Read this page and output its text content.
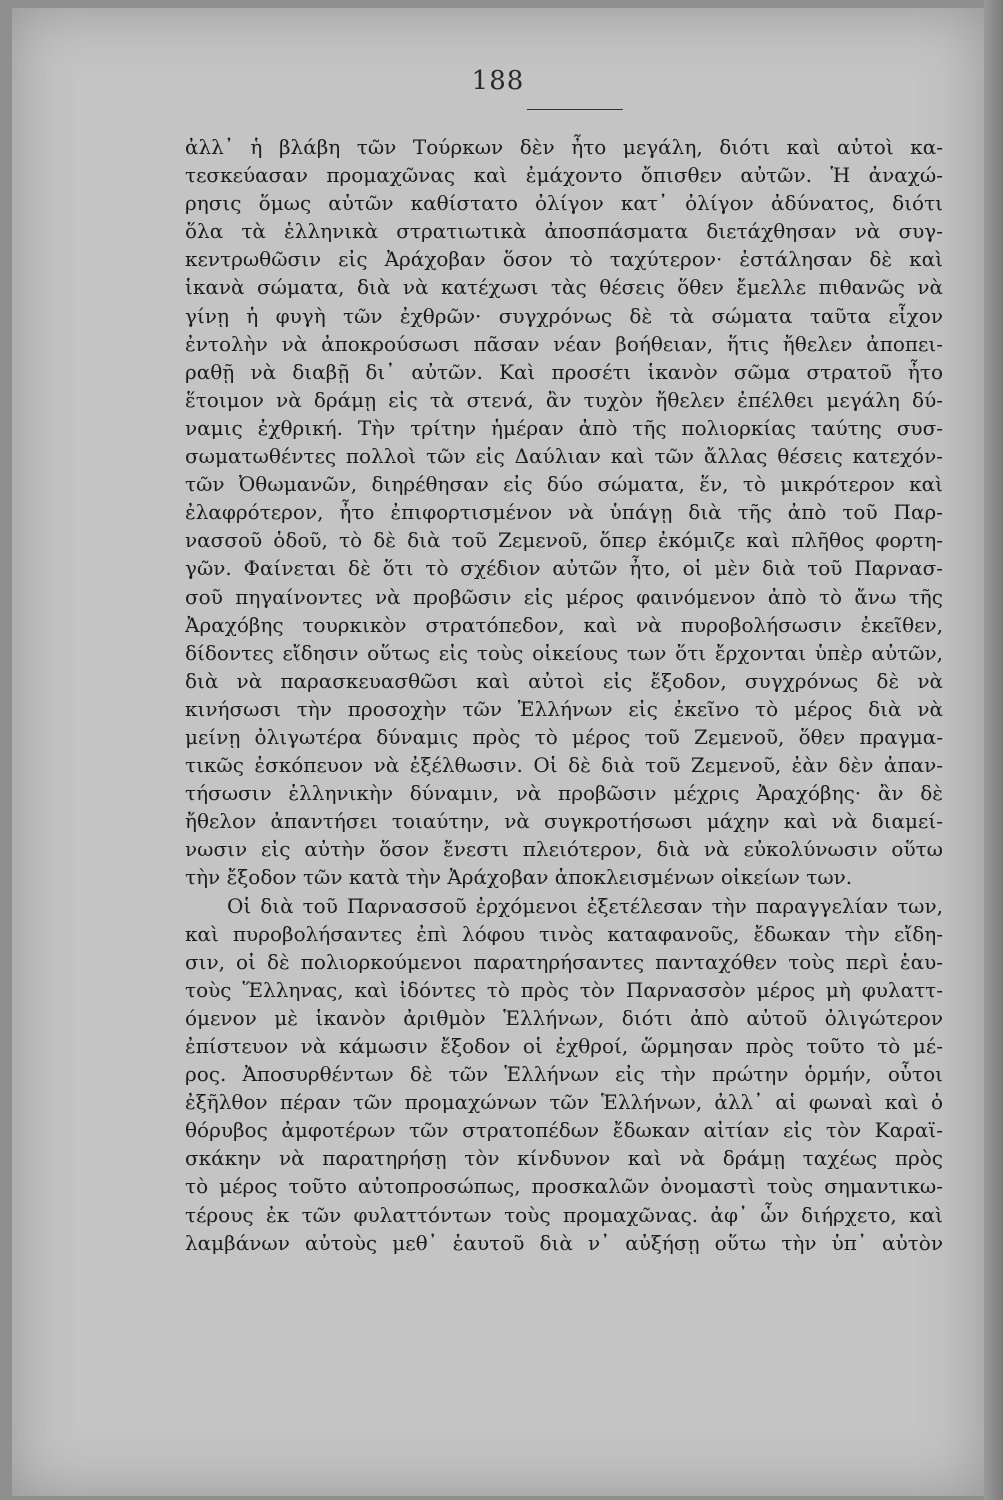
188
ἀλλ᾽ ἡ βλάβη τῶν Τούρκων δὲν ἦτο μεγάλη, διότι καὶ αὐτοὶ κα-
τεσκεύασαν προμαχῶνας καὶ ἐμάχοντο ὄπισθεν αὐτῶν. Ἡ ἀναχώ-
ρησις ὅμως αὐτῶν καθίστατο ὀλίγον κατ᾽ ὀλίγον ἀδύνατος, διότι
ὅλα τὰ ἑλληνικὰ στρατιωτικὰ ἀποσπάσματα διετάχθησαν νὰ συγ-
κεντρωθῶσιν εἰς Ἀράχοβαν ὅσον τὸ ταχύτερον· ἐστάλησαν δὲ καὶ
ἱκανὰ σώματα, διὰ νὰ κατέχωσι τὰς θέσεις ὅθεν ἔμελλε πιθανῶς νὰ
γίνῃ ἡ φυγὴ τῶν ἐχθρῶν· συγχρόνως δὲ τὰ σώματα ταῦτα εἶχον
ἐντολὴν νὰ ἀποκρούσωσι πᾶσαν νέαν βοήθειαν, ἥτις ἤθελεν ἀποπει-
ραθῇ νὰ διαβῇ δι᾽ αὐτῶν. Καὶ προσέτι ἱκανὸν σῶμα στρατοῦ ἦτο
ἕτοιμον νὰ δράμῃ εἰς τὰ στενά, ἂν τυχὸν ἤθελεν ἐπέλθει μεγάλη δύ-
ναμις ἐχθρική. Τὴν τρίτην ἡμέραν ἀπὸ τῆς πολιορκίας ταύτης συσ-
σωματωθέντες πολλοὶ τῶν εἰς Δαύλιαν καὶ τῶν ἄλλας θέσεις κατεχόν-
τῶν Ὀθωμανῶν, διηρέθησαν εἰς δύο σώματα, ἕν, τὸ μικρότερον καὶ
ἐλαφρότερον, ἦτο ἐπιφορτισμένον νὰ ὑπάγῃ διὰ τῆς ἀπὸ τοῦ Παρ-
νασσοῦ ὁδοῦ, τὸ δὲ διὰ τοῦ Ζεμενοῦ, ὅπερ ἐκόμιζε καὶ πλῆθος φορτη-
γῶν. Φαίνεται δὲ ὅτι τὸ σχέδιον αὐτῶν ἦτο, οἱ μὲν διὰ τοῦ Παρνασ-
σοῦ πηγαίνοντες νὰ προβῶσιν εἰς μέρος φαινόμενον ἀπὸ τὸ ἄνω τῆς
Ἀραχόβης τουρκικὸν στρατόπεδον, καὶ νὰ πυροβολήσωσιν ἐκεῖθεν,
δίδοντες εἴδησιν οὕτως εἰς τοὺς οἰκείους των ὅτι ἔρχονται ὑπὲρ αὐτῶν,
διὰ νὰ παρασκευασθῶσι καὶ αὐτοὶ εἰς ἔξοδον, συγχρόνως δὲ νὰ
κινήσωσι τὴν προσοχὴν τῶν Ἑλλήνων εἰς ἐκεῖνο τὸ μέρος διὰ νὰ
μείνῃ ὀλιγωτέρα δύναμις πρὸς τὸ μέρος τοῦ Ζεμενοῦ, ὅθεν πραγμα-
τικῶς ἐσκόπευον νὰ ἐξέλθωσιν. Οἱ δὲ διὰ τοῦ Ζεμενοῦ, ἐὰν δὲν ἀπαν-
τήσωσιν ἑλληνικὴν δύναμιν, νὰ προβῶσιν μέχρις Ἀραχόβης· ἂν δὲ
ἤθελον ἀπαντήσει τοιαύτην, νὰ συγκροτήσωσι μάχην καὶ νὰ διαμεί-
νωσιν εἰς αὐτὴν ὅσον ἔνεστι πλειότερον, διὰ νὰ εὐκολύνωσιν οὕτω
τὴν ἔξοδον τῶν κατὰ τὴν Ἀράχοβαν ἀποκλεισμένων οἰκείων των.
Οἱ διὰ τοῦ Παρνασσοῦ ἐρχόμενοι ἐξετέλεσαν τὴν παραγγελίαν των,
καὶ πυροβολήσαντες ἐπὶ λόφου τινὸς καταφανοῦς, ἔδωκαν τὴν εἴδη-
σιν, οἱ δὲ πολιορκούμενοι παρατηρήσαντες πανταχόθεν τοὺς περὶ ἑαυ-
τοὺς Ἕλληνας, καὶ ἰδόντες τὸ πρὸς τὸν Παρνασσὸν μέρος μὴ φυλαττ-
όμενον μὲ ἱκανὸν ἀριθμὸν Ἑλλήνων, διότι ἀπὸ αὐτοῦ ὀλιγώτερον
ἐπίστευον νὰ κάμωσιν ἔξοδον οἱ ἐχθροί, ὥρμησαν πρὸς τοῦτο τὸ μέ-
ρος. Ἀποσυρθέντων δὲ τῶν Ἑλλήνων εἰς τὴν πρώτην ὁρμήν, οὗτοι
ἐξῆλθον πέραν τῶν προμαχώνων τῶν Ἑλλήνων, ἀλλ᾽ αἱ φωναὶ καὶ ὁ
θόρυβος ἀμφοτέρων τῶν στρατοπέδων ἔδωκαν αἰτίαν εἰς τὸν Καραϊ-
σκάκην νὰ παρατηρήσῃ τὸν κίνδυνον καὶ νὰ δράμῃ ταχέως πρὸς
τὸ μέρος τοῦτο αὐτοπροσώπως, προσκαλῶν ὀνομαστὶ τοὺς σημαντικω-
τέρους ἐκ τῶν φυλαττόντων τοὺς προμαχῶνας. ἀφ᾽ ὧν διήρχετο, καὶ
λαμβάνων αὐτοὺς μεθ᾽ ἑαυτοῦ διὰ ν᾽ αὐξήσῃ οὕτω τὴν ὑπ᾽ αὐτὸν
